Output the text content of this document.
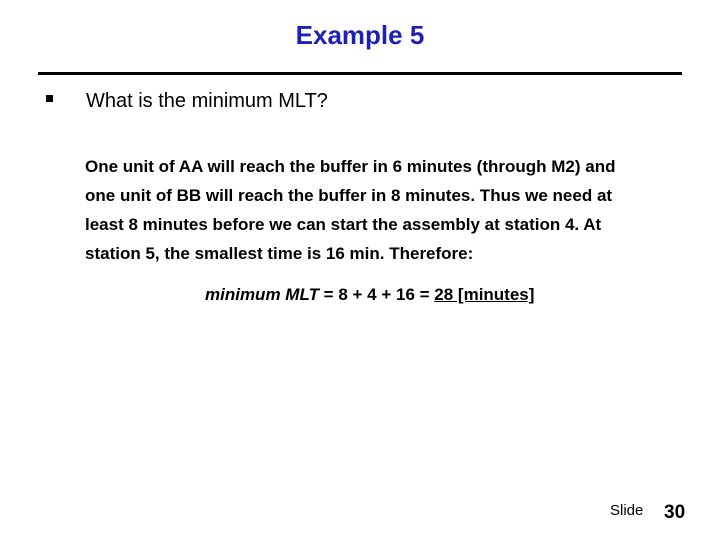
Example 5
What is the minimum MLT?
One unit of AA will reach the buffer in 6 minutes (through M2) and
one unit of BB will reach the buffer in 8 minutes. Thus we need at
least 8 minutes before we can start the assembly at station 4. At
station 5, the smallest time is 16 min. Therefore:
minimum MLT = 8 + 4 + 16 = 28 [minutes]
Slide 30
